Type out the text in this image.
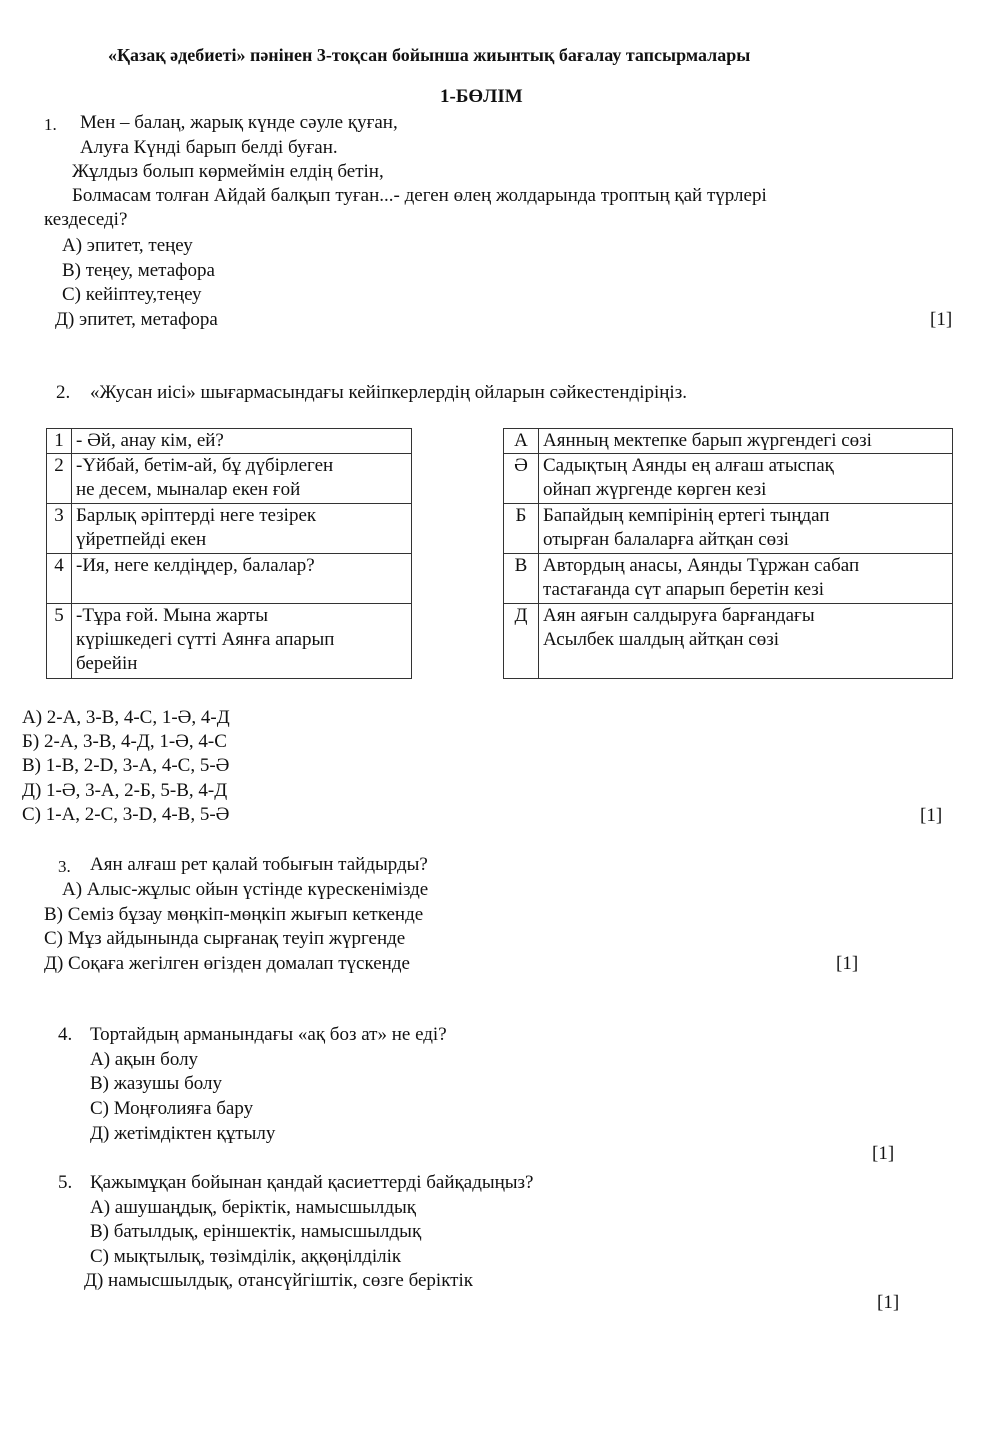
«Қазақ әдебиеті» пәнінен 3-тоқсан бойынша жиынтық бағалау тапсырмалары
1-БӨЛІМ
1. Мен – балаң, жарық күнде сәуле қуған,
Алуға Күнді барып белді буған.
Жұлдыз болып көрмеймін елдің бетін,
Болмасам толған Айдай балқып туған...- деген өлең жолдарында троптың қай түрлері
кездеседі?
А) эпитет, теңеу
В) теңеу, метафора
С) кейіптеу,теңеу
Д) эпитет, метафора	[1]
2. «Жусан иісі» шығармасындағы кейіпкерлердің ойларын сәйкестендіріңіз.
1	- Әй, анау кім, ей?

2	-Үйбай, бетім-ай, бұ дүбірлеген
не десем, мыналар екен ғой

3	Барлық әріптерді неге тезірек
үйретпейді екен

4	-Ия, неге келдіңдер, балалар?

5	-Тұра ғой. Мына жарты
күрішкедегі сүтті Аянға апарып
берейін
А	Аянның мектепке барып жүргендегі сөзі

Ә	Садықтың Аянды ең алғаш атыспақ
ойнап жүргенде көрген кезі

Б	Бапайдың кемпірінің ертегі тыңдап
отырған балаларға айтқан сөзі

В	Автордың анасы, Аянды Тұржан сабап
тастағанда сүт апарып беретін кезі

Д	Аян аяғын салдыруға барғандағы
Асылбек шалдың айтқан сөзі
А) 2-А, 3-В, 4-С, 1-Ә, 4-Д
Б) 2-А, 3-В, 4-Д, 1-Ә, 4-С
В) 1-В, 2-D, 3-А, 4-С, 5-Ә
Д) 1-Ә, 3-А, 2-Б, 5-В, 4-Д
С) 1-А, 2-С, 3-D, 4-В, 5-Ә	[1]
3. Аян алғаш рет қалай тобығын тайдырды?
А) Алыс-жұлыс ойын үстінде күрескенімізде
В) Семіз бұзау мөңкіп-мөңкіп жығып кеткенде
С) Мұз айдынында сырғанақ теуіп жүргенде
Д) Соқаға жегілген өгізден домалап түскенде	[1]
4. Тортайдың арманындағы «ақ боз ат» не еді?
А) ақын болу
В) жазушы болу
С) Моңғолияға бару
Д) жетімдіктен құтылу
[1]
5. Қажымұқан бойынан қандай қасиеттерді байқадыңыз?
А) ашушаңдық, беріктік, намысшылдық
В) батылдық, еріншектік, намысшылдық
С) мықтылық, төзімділік, аққөңілділік
Д) намысшылдық, отансүйгіштік, сөзге беріктік
[1]
